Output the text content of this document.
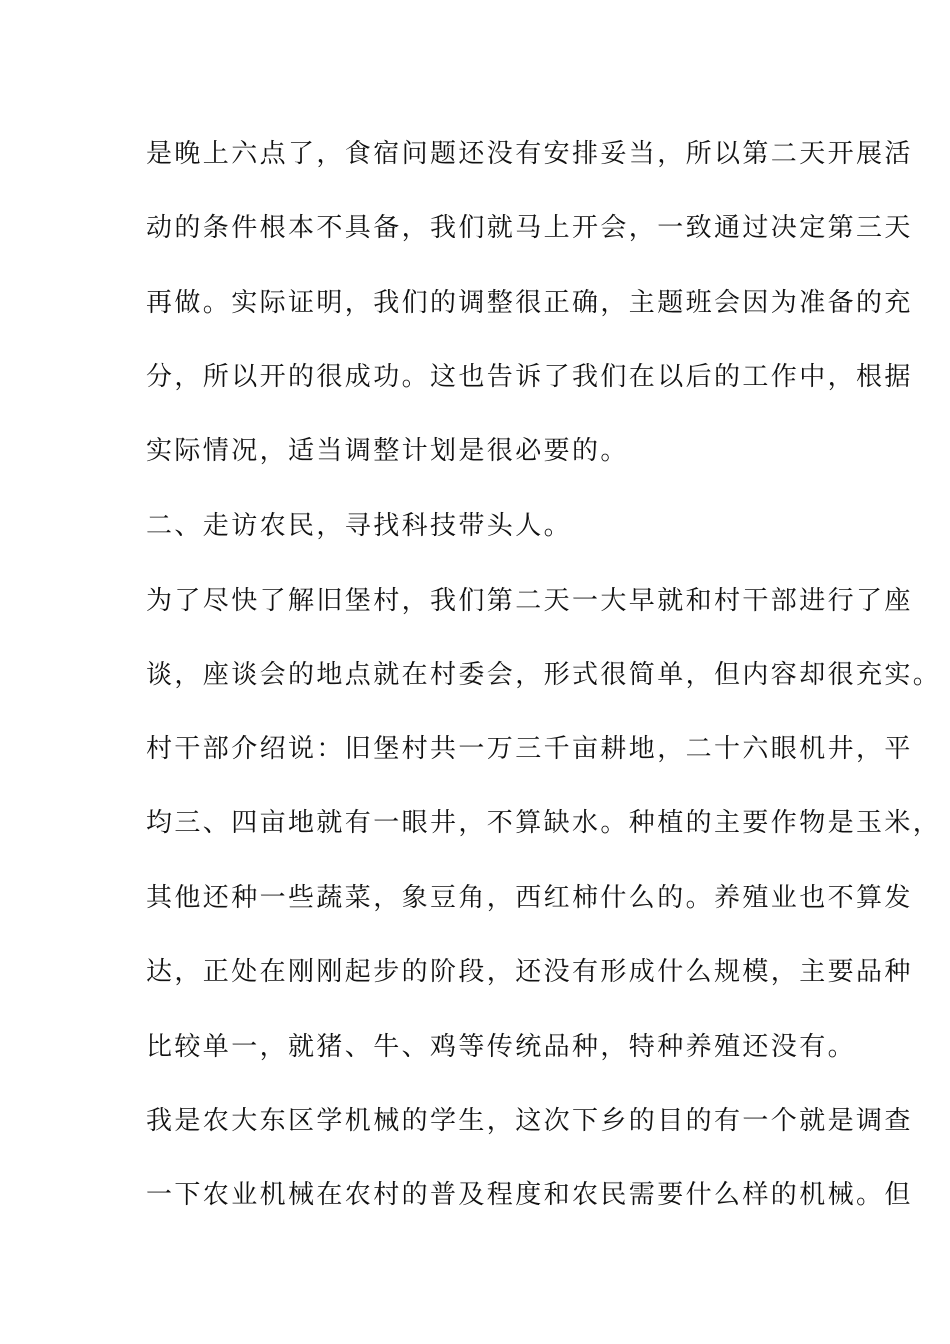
是晚上六点了，食宿问题还没有安排妥当，所以第二天开展活
动的条件根本不具备，我们就马上开会，一致通过决定第三天
再做。实际证明，我们的调整很正确，主题班会因为准备的充
分，所以开的很成功。这也告诉了我们在以后的工作中，根据
实际情况，适当调整计划是很必要的。
二、走访农民，寻找科技带头人。
为了尽快了解旧堡村，我们第二天一大早就和村干部进行了座
谈，座谈会的地点就在村委会，形式很简单，但内容却很充实。
村干部介绍说：旧堡村共一万三千亩耕地，二十六眼机井，平
均三、四亩地就有一眼井，不算缺水。种植的主要作物是玉米，
其他还种一些蔬菜，象豆角，西红柿什么的。养殖业也不算发
达，正处在刚刚起步的阶段，还没有形成什么规模，主要品种
比较单一，就猪、牛、鸡等传统品种，特种养殖还没有。
我是农大东区学机械的学生，这次下乡的目的有一个就是调查
一下农业机械在农村的普及程度和农民需要什么样的机械。但
